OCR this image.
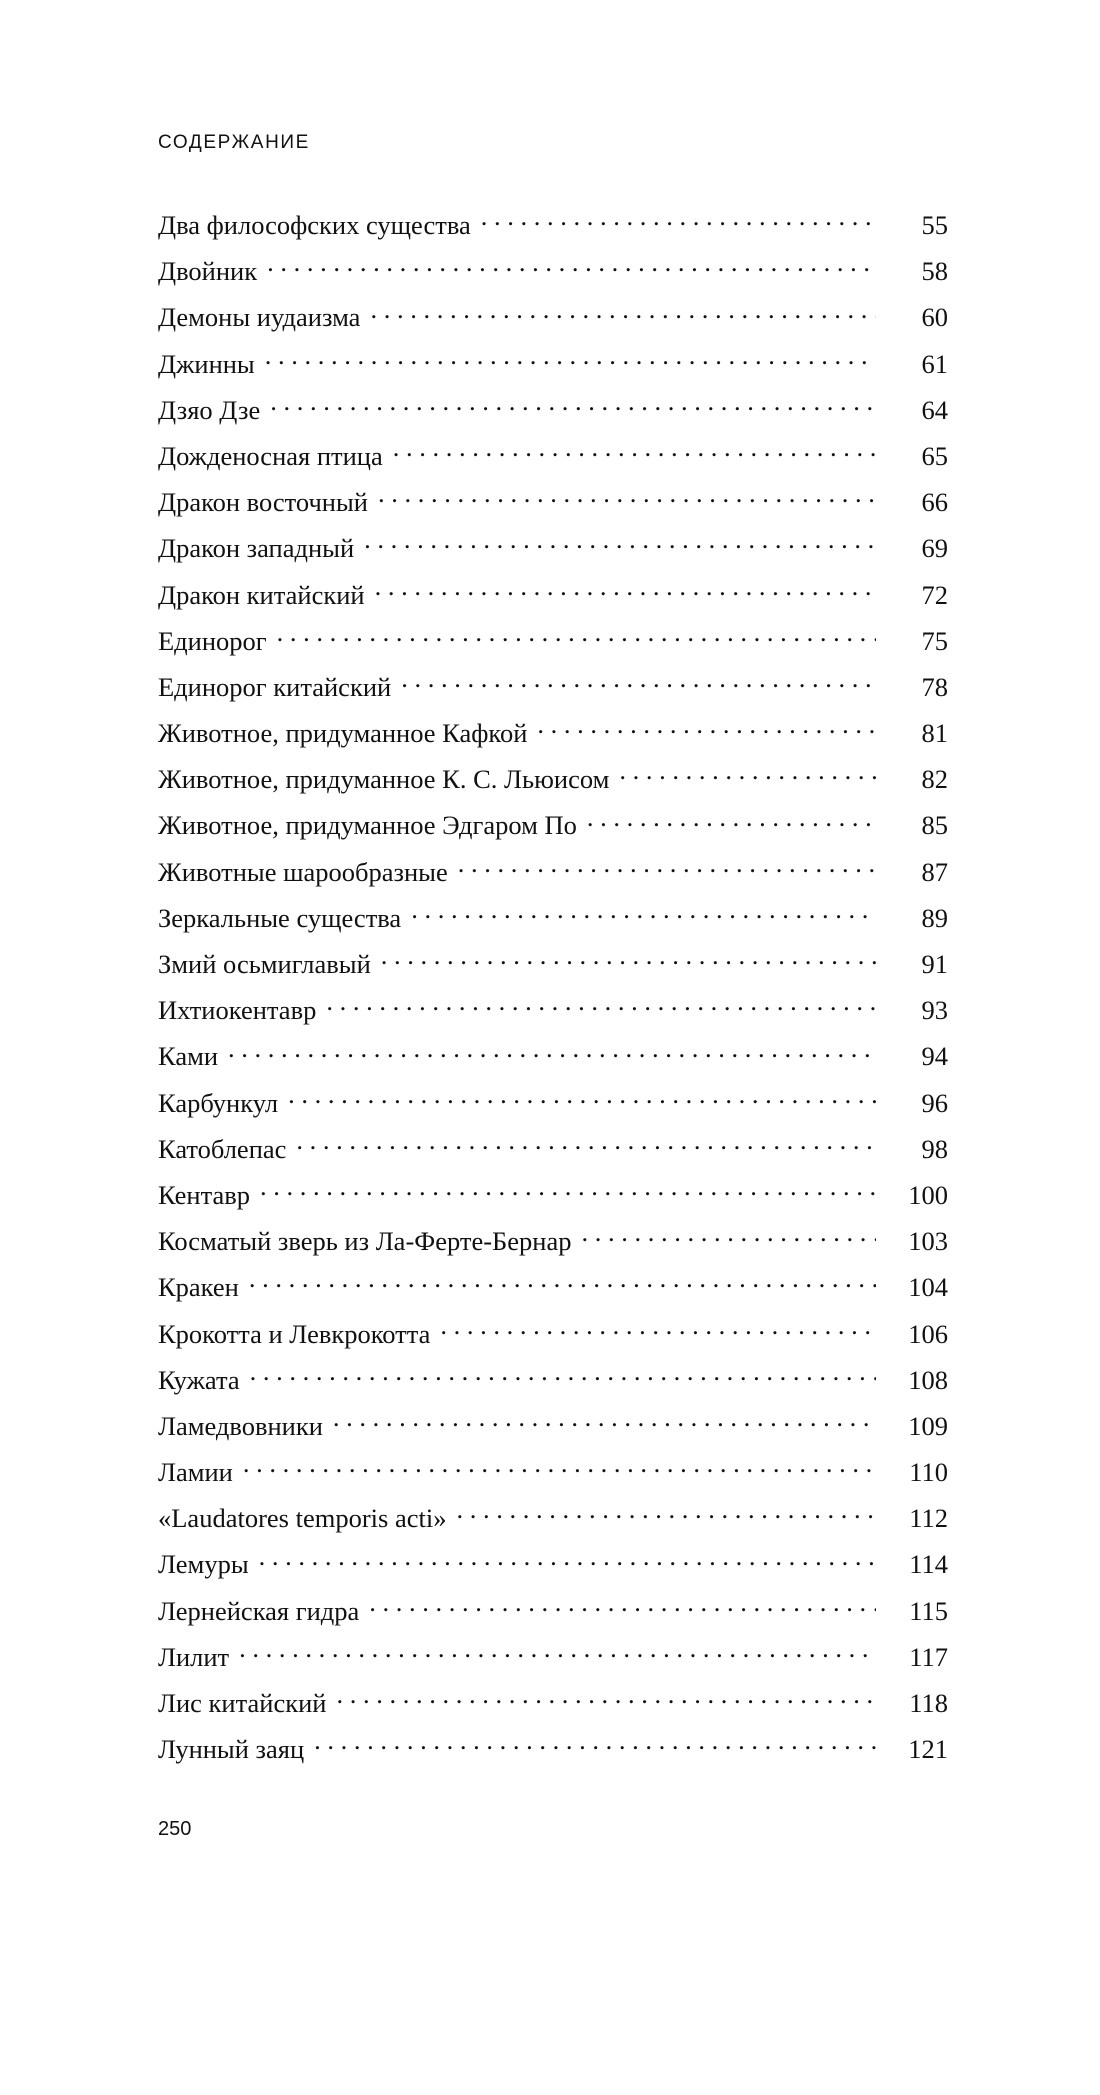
СОДЕРЖАНИЕ
Два философских существа . . .	55
Двойник . . .	58
Демоны иудаизма . . .	60
Джинны . . .	61
Дзяо Дзе . . .	64
Дожденосная птица . . .	65
Дракон восточный . . .	66
Дракон западный . . .	69
Дракон китайский . . .	72
Единорог . . .	75
Единорог китайский . . .	78
Животное, придуманное Кафкой . . .	81
Животное, придуманное К. С. Льюисом . . .	82
Животное, придуманное Эдгаром По . . .	85
Животные шарообразные . . .	87
Зеркальные существа . . .	89
Змий осьмиглавый . . .	91
Ихтиокентавр . . .	93
Ками . . .	94
Карбункул . . .	96
Катоблепас . . .	98
Кентавр . . .	100
Косматый зверь из Ла-Ферте-Бернар . . .	103
Кракен . . .	104
Крокотта и Левкрокотта . . .	106
Кужата . . .	108
Ламедвовники . . .	109
Ламии . . .	110
«Laudatores temporis acti» . . .	112
Лемуры . . .	114
Лернейская гидра . . .	115
Лилит . . .	117
Лис китайский . . .	118
Лунный заяц . . .	121
250
